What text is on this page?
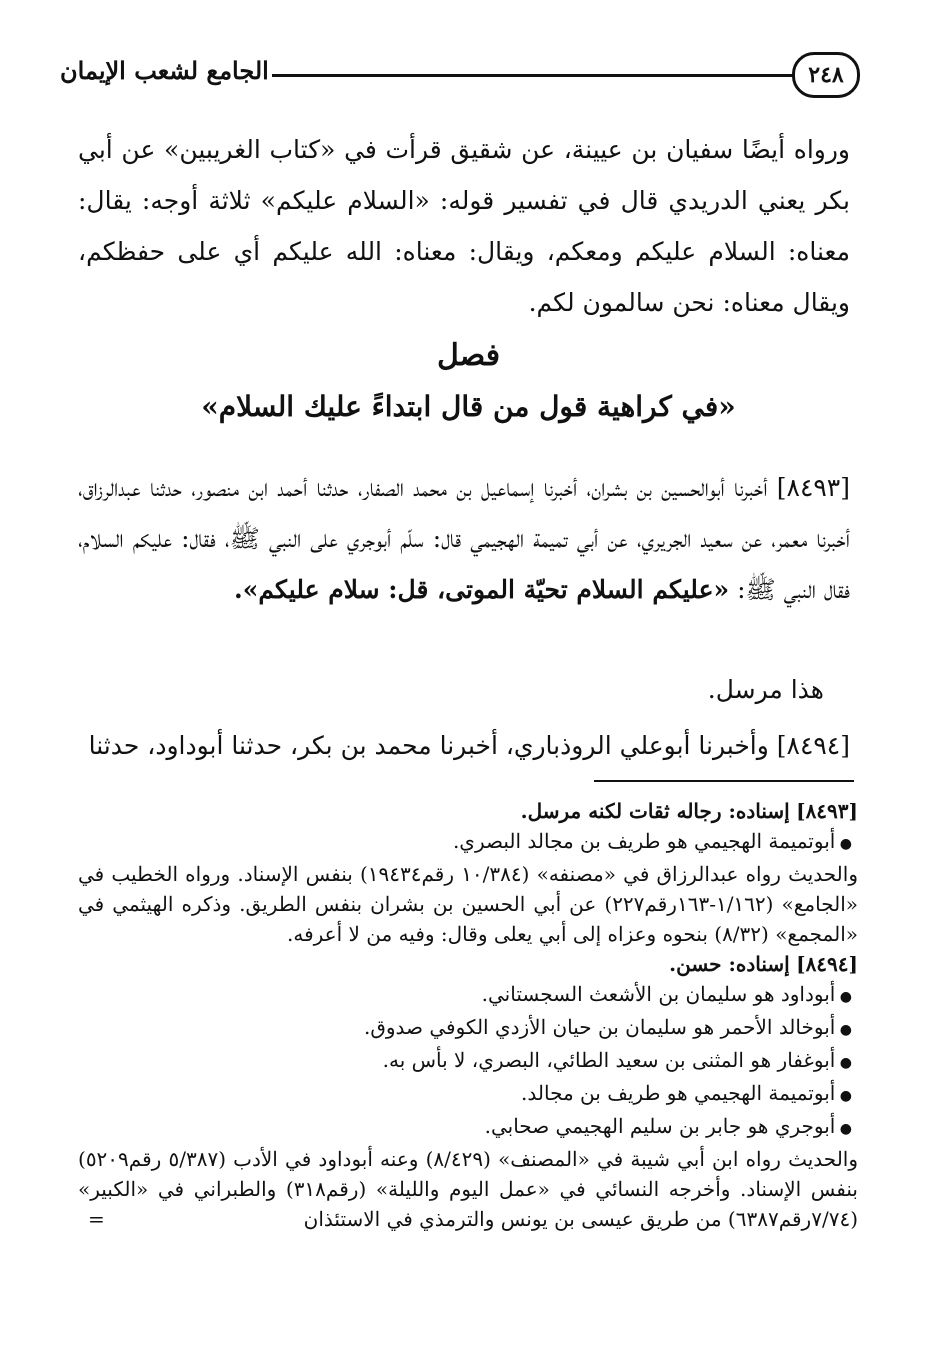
الجامع لشعب الإيمان	٢٤٨

ورواه أيضًا سفيان بن عيينة، عن شقيق قرأت في «كتاب الغريبين» عن أبي بكر يعني الدريدي قال في تفسير قوله: «السلام عليكم» ثلاثة أوجه: يقال: معناه: السلام عليكم ومعكم، ويقال: معناه: الله عليكم أي على حفظكم، ويقال معناه: نحن سالمون لكم.

فصل
«في كراهية قول من قال ابتداءً عليك السلام»

[٨٤٩٣] أخبرنا أبوالحسين بن بشران، أخبرنا إسماعيل بن محمد الصفار، حدثنا أحمد ابن منصور، حدثنا عبدالرزاق، أخبرنا معمر، عن سعيد الجريري، عن أبي تميمة الهجيمي قال: سلّم أبوجري على النبي ﷺ، فقال: عليكم السلام، فقال النبي ﷺ: «عليكم السلام تحيّة الموتى، قل: سلام عليكم».

هذا مرسل.
[٨٤٩٤] وأخبرنا أبوعلي الروذباري، أخبرنا محمد بن بكر، حدثنا أبوداود، حدثنا

[٨٤٩٣] إسناده: رجاله ثقات لكنه مرسل.

● أبوتميمة الهجيمي هو طريف بن مجالد البصري.

والحديث رواه عبدالرزاق في «مصنفه» (١٠/٣٨٤ رقم١٩٤٣٤) بنفس الإسناد. ورواه الخطيب في «الجامع» (١/١٦٢-١٦٣رقم٢٢٧) عن أبي الحسين بن بشران بنفس الطريق. وذكره الهيثمي في «المجمع» (٨/٣٢) بنحوه وعزاه إلى أبي يعلى وقال: وفيه من لا أعرفه.

[٨٤٩٤] إسناده: حسن.

● أبوداود هو سليمان بن الأشعث السجستاني.
● أبوخالد الأحمر هو سليمان بن حيان الأزدي الكوفي صدوق.
● أبوغفار هو المثنى بن سعيد الطائي، البصري، لا بأس به.
● أبوتميمة الهجيمي هو طريف بن مجالد.
● أبوجري هو جابر بن سليم الهجيمي صحابي.

والحديث رواه ابن أبي شيبة في «المصنف» (٨/٤٢٩) وعنه أبوداود في الأدب (٥/٣٨٧ رقم٥٢٠٩) بنفس الإسناد. وأخرجه النسائي في «عمل اليوم والليلة» (رقم٣١٨) والطبراني في «الكبير» (٧/٧٤رقم٦٣٨٧) من طريق عيسى بن يونس والترمذي في الاستئذان
=
